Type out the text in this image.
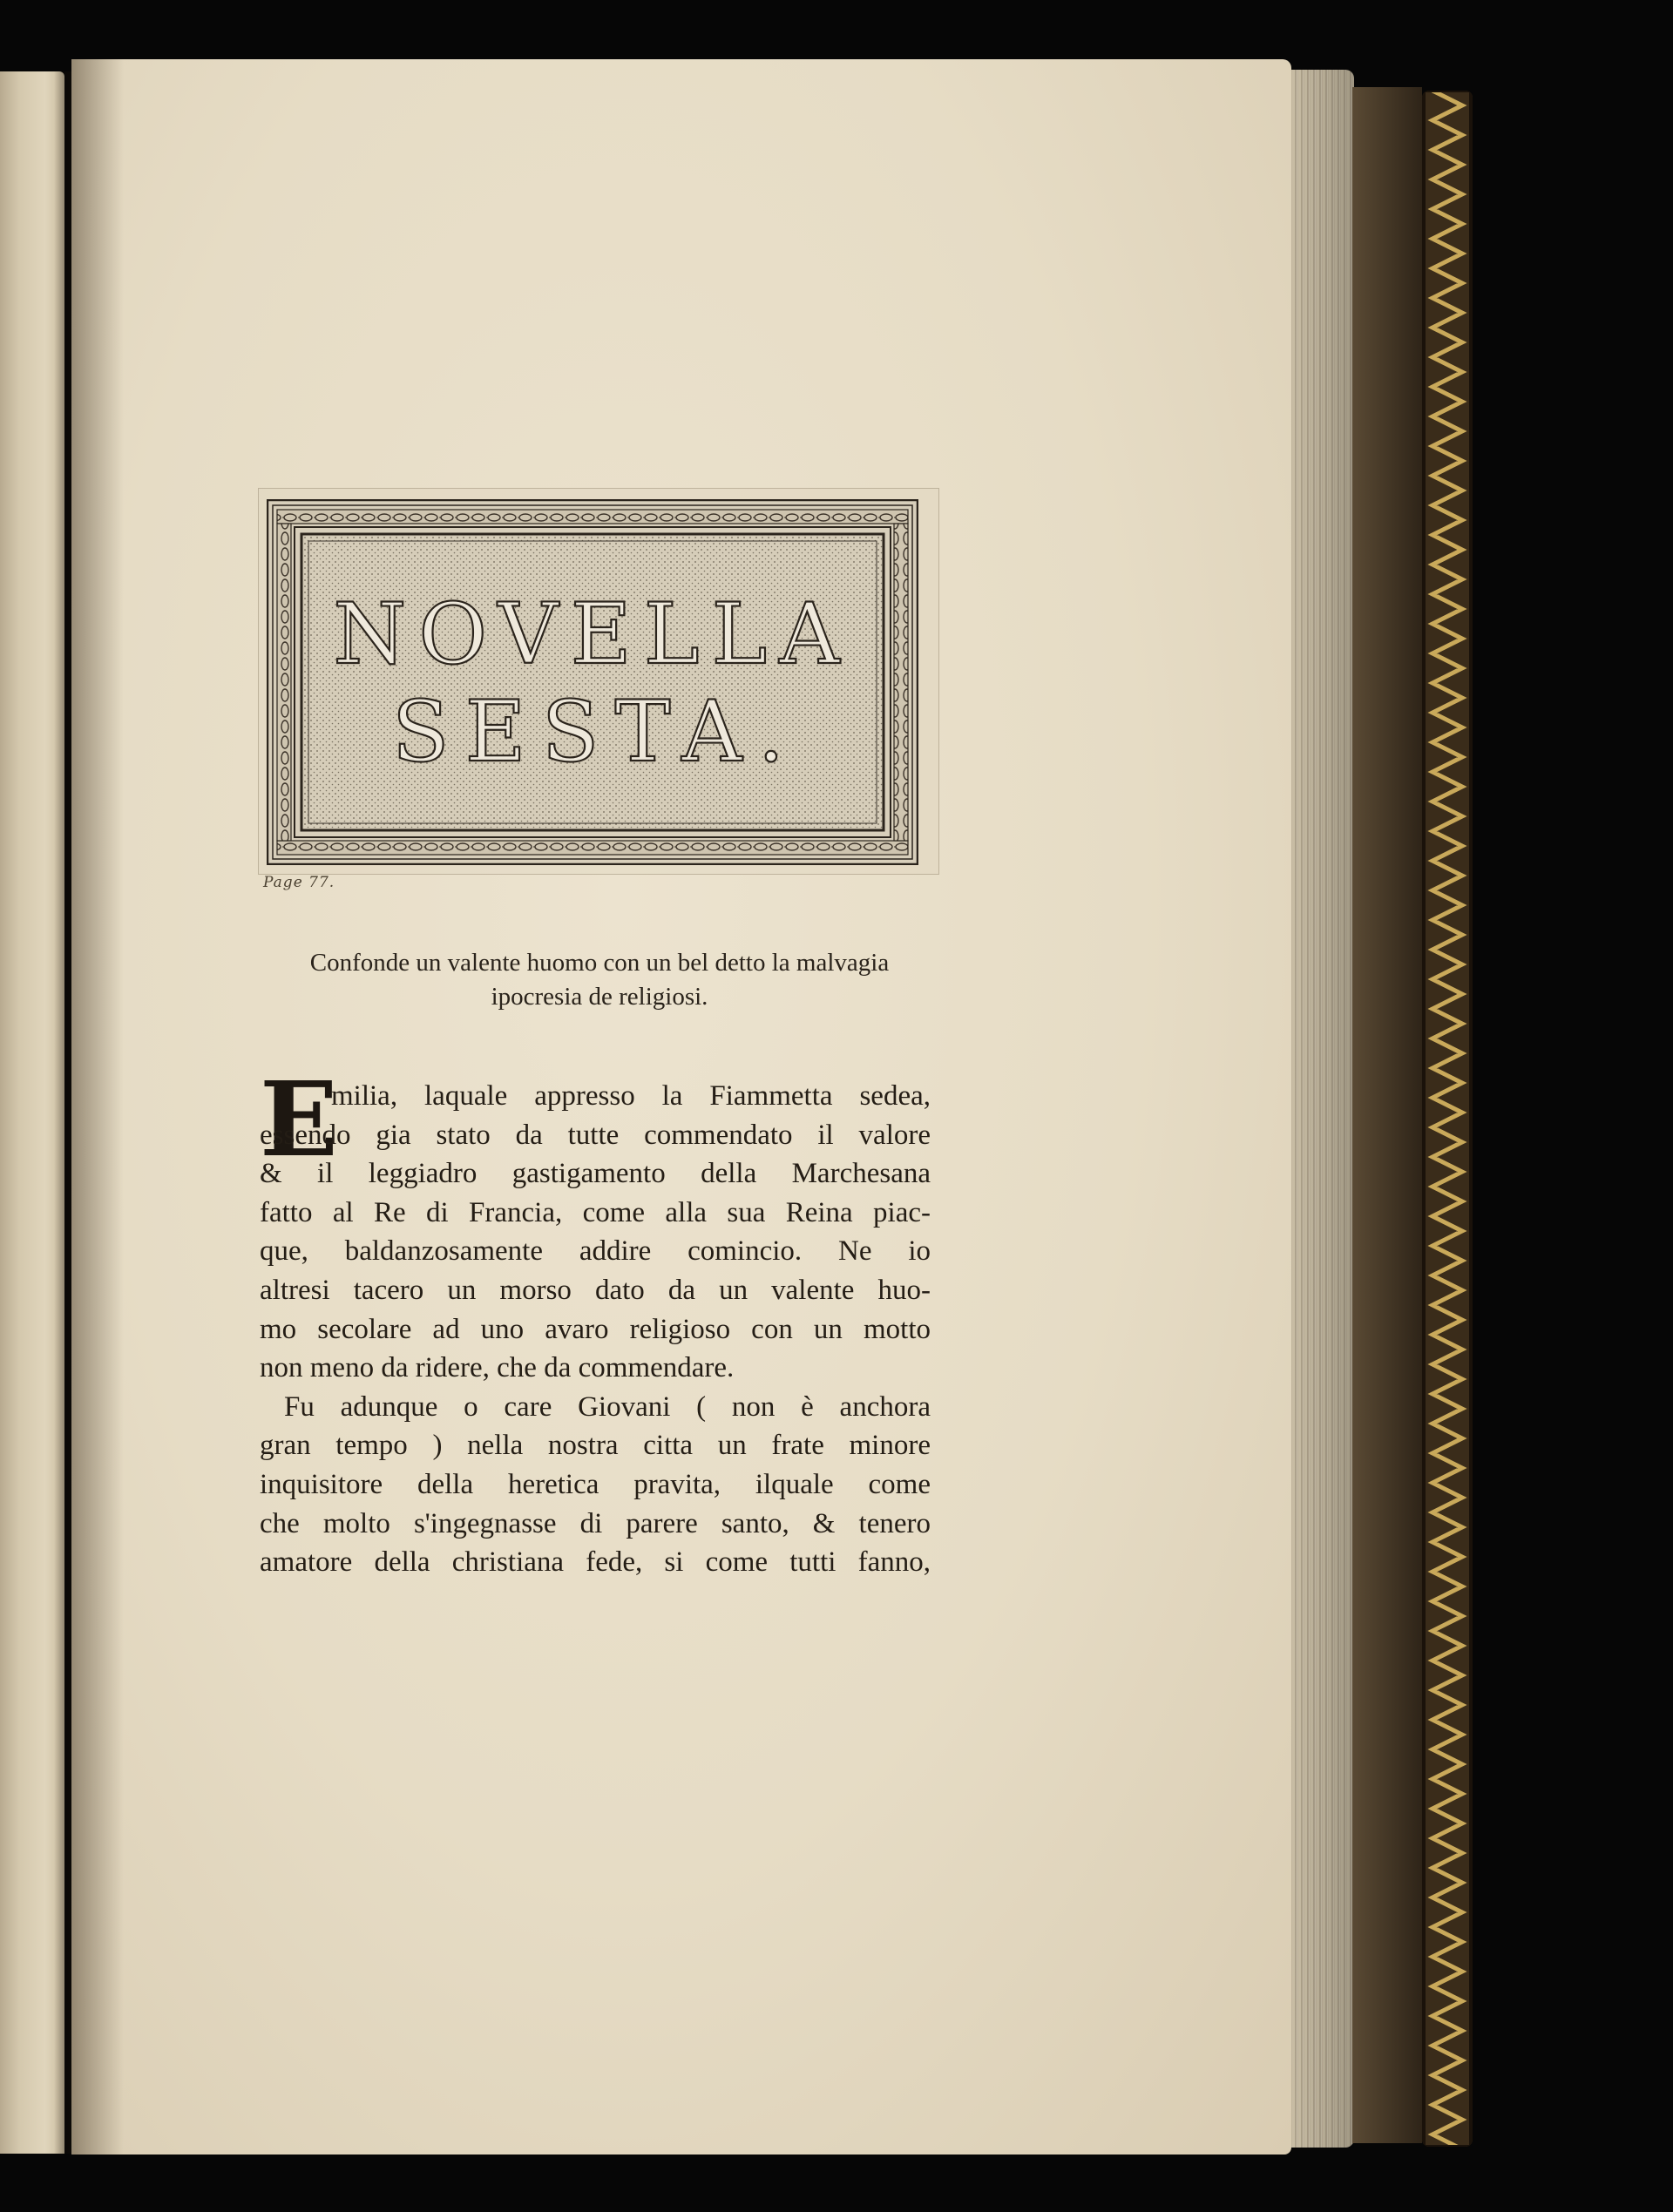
NOVELLA
SESTA.
Page 77.
Confonde un valente huomo con un bel detto la malvagia
ipocresia de religiosi.
E
milia, laquale appresso la Fiammetta sedea,
essendo gia stato da tutte commendato il valore
& il leggiadro gastigamento della Marchesana
fatto al Re di Francia, come alla sua Reina piac-
que, baldanzosamente addire comincio. Ne io
altresi tacero un morso dato da un valente huo-
mo secolare ad uno avaro religioso con un motto
non meno da ridere, che da commendare.
Fu adunque o care Giovani ( non è anchora
gran tempo ) nella nostra citta un frate minore
inquisitore della heretica pravita, ilquale come
che molto s'ingegnasse di parere santo, & tenero
amatore della christiana fede, si come tutti fanno,
